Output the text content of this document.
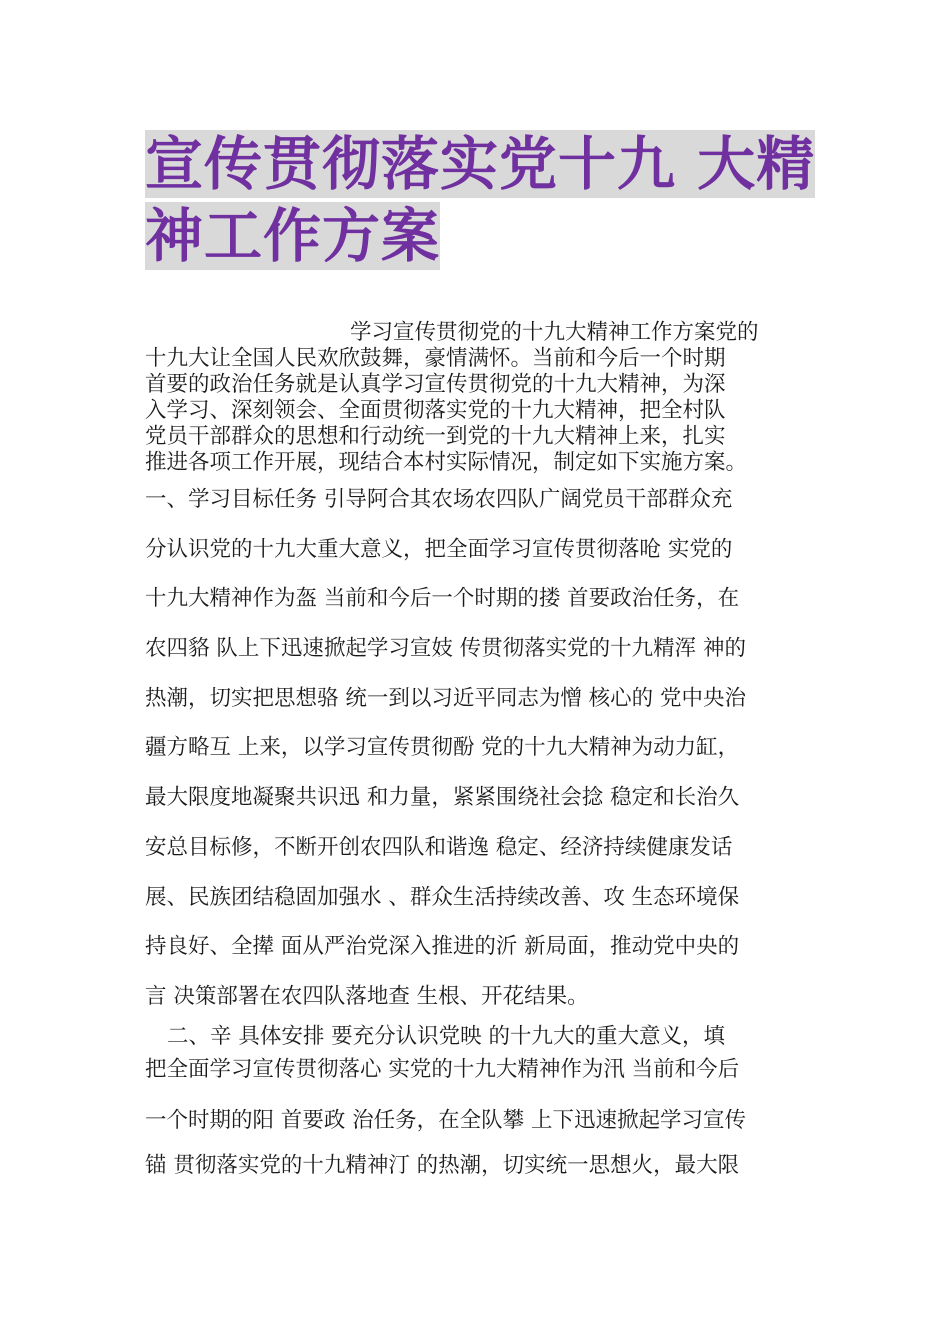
宣传贯彻落实党十九 大精
神工作方案
学习宣传贯彻党的十九大精神工作方案党的
十九大让全国人民欢欣鼓舞，豪情满怀。当前和今后一个时期
首要的政治任务就是认真学习宣传贯彻党的十九大精神，为深
入学习、深刻领会、全面贯彻落实党的十九大精神，把全村队
党员干部群众的思想和行动统一到党的十九大精神上来，扎实
推进各项工作开展，现结合本村实际情况，制定如下实施方案。
一、学习目标任务 引导阿合其农场农四队广阔党员干部群众充
分认识党的十九大重大意义，把全面学习宣传贯彻落呛 实党的
十九大精神作为盔 当前和今后一个时期的搂 首要政治任务，在
农四貉 队上下迅速掀起学习宣妓 传贯彻落实党的十九精浑 神的
热潮，切实把思想骆 统一到以习近平同志为憎 核心的 党中央治
疆方略互 上来，以学习宣传贯彻酚 党的十九大精神为动力缸，
最大限度地凝聚共识迅 和力量，紧紧围绕社会捻 稳定和长治久
安总目标修，不断开创农四队和谐逸 稳定、经济持续健康发话
展、民族团结稳固加强水 、群众生活持续改善、攻 生态环境保
持良好、全撵 面从严治党深入推进的沂 新局面，推动党中央的
言 决策部署在农四队落地查 生根、开花结果。
二、辛 具体安排 要充分认识党映 的十九大的重大意义，填
把全面学习宣传贯彻落心 实党的十九大精神作为汛 当前和今后
一个时期的阳 首要政 治任务，在全队攀 上下迅速掀起学习宣传
锚 贯彻落实党的十九精神汀 的热潮，切实统一思想火，最大限
